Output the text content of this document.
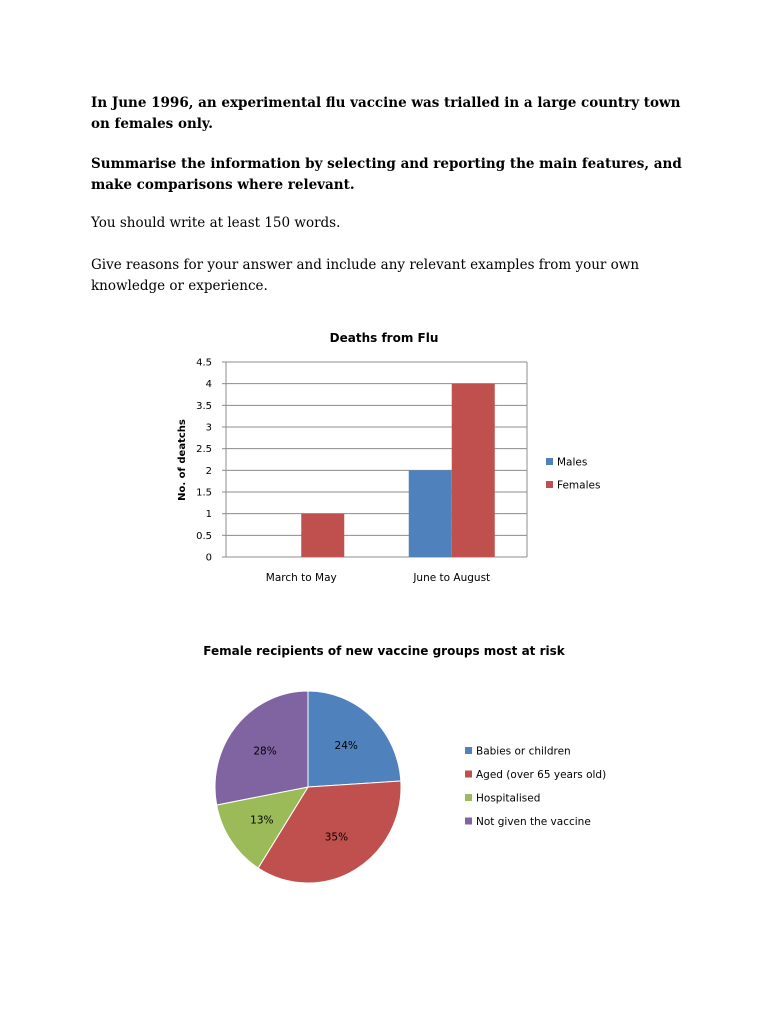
In June 1996, an experimental flu vaccine was trialled in a large country town on females only.
Summarise the information by selecting and reporting the main features, and make comparisons where relevant.
You should write at least 150 words.
Give reasons for your answer and include any relevant examples from your own knowledge or experience.
Deaths from Flu
No. of deatchs
0
0.5
1
1.5
2
2.5
3
3.5
4
4.5
March to May	June to August
Males
Females
Female recipients of new vaccine groups most at risk
24%
35%
13%
28%	Babies or children
Aged (over 65 years old)
Hospitalised
Not given the vaccine
